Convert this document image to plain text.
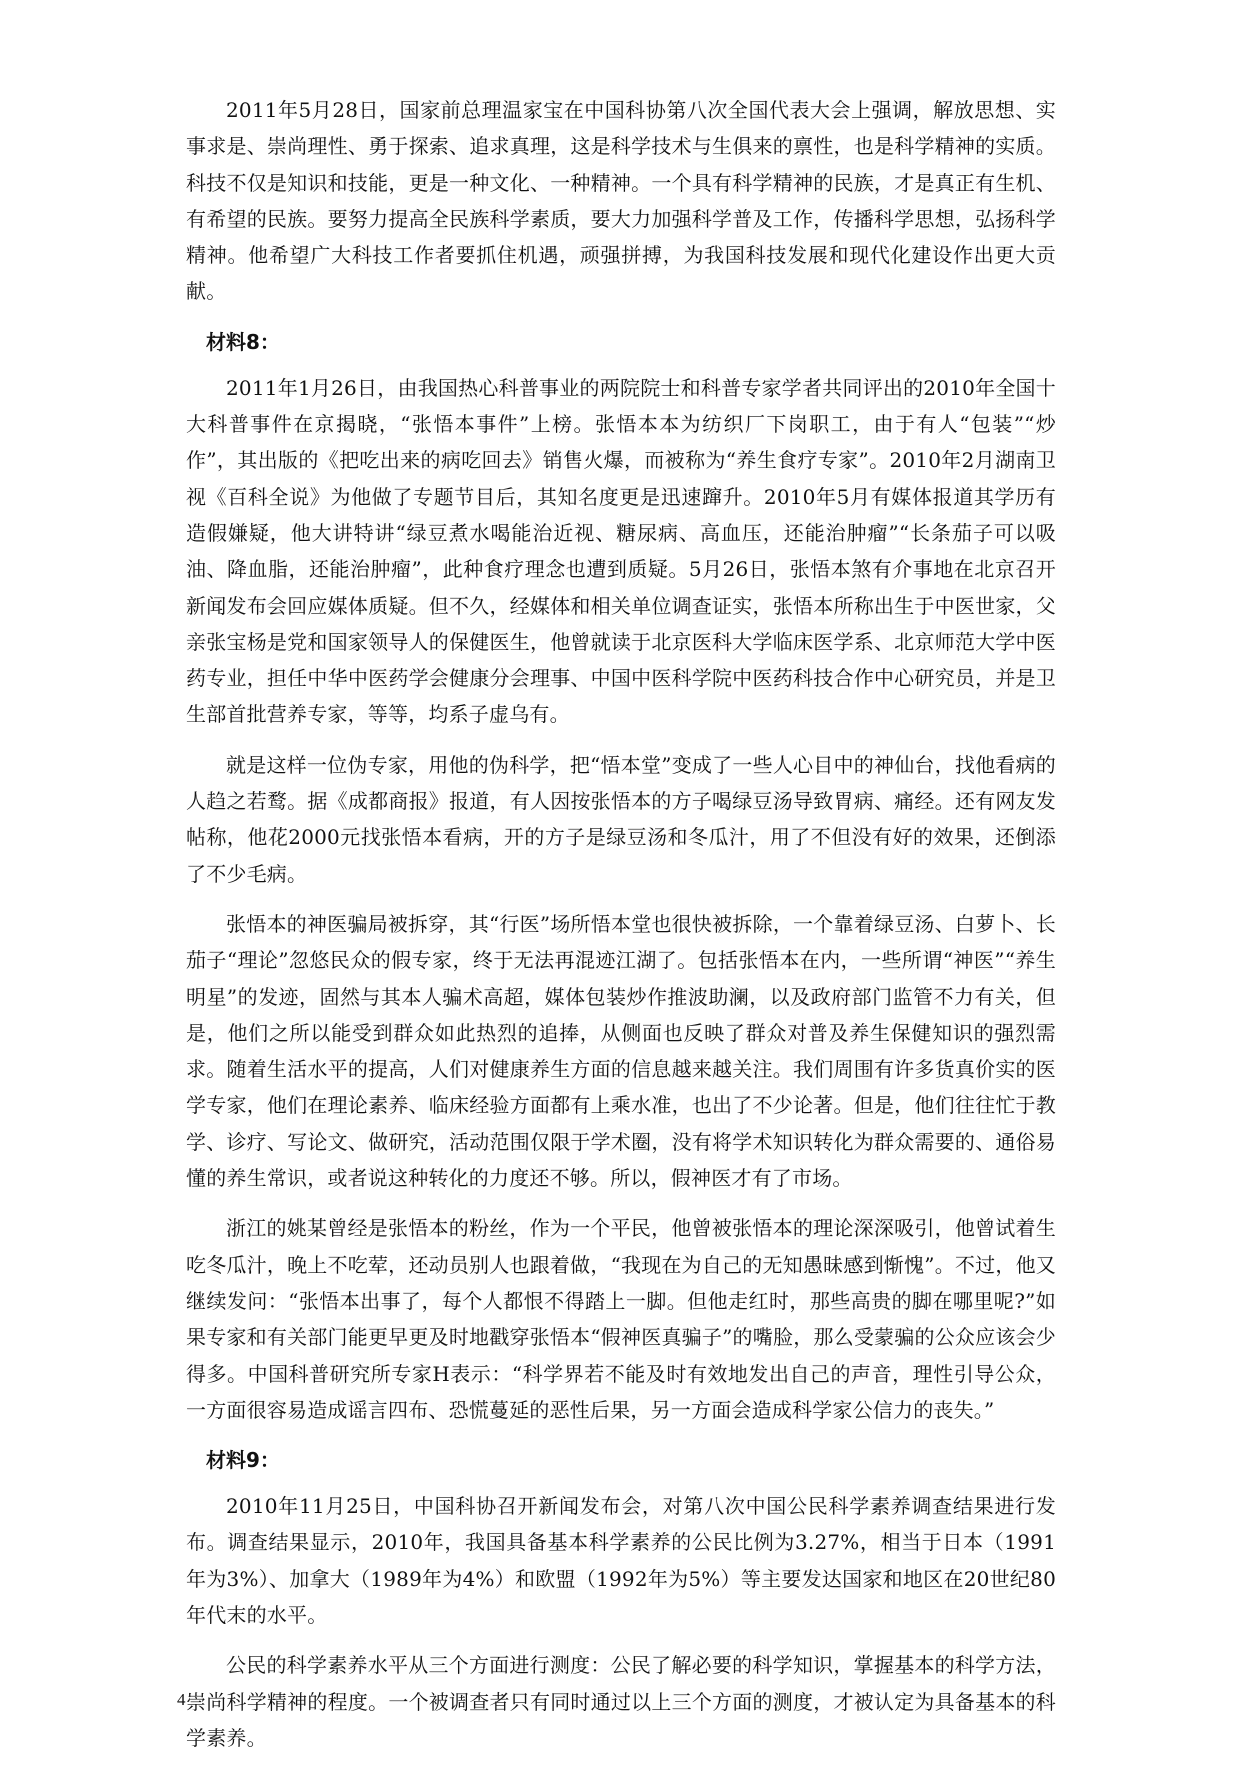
2011年5月28日，国家前总理温家宝在中国科协第八次全国代表大会上强调，解放思想、实事求是、崇尚理性、勇于探索、追求真理，这是科学技术与生俱来的禀性，也是科学精神的实质。科技不仅是知识和技能，更是一种文化、一种精神。一个具有科学精神的民族，才是真正有生机、有希望的民族。要努力提高全民族科学素质，要大力加强科学普及工作，传播科学思想，弘扬科学精神。他希望广大科技工作者要抓住机遇，顽强拼搏，为我国科技发展和现代化建设作出更大贡献。

材料8：

2011年1月26日，由我国热心科普事业的两院院士和科普专家学者共同评出的2010年全国十大科普事件在京揭晓，“张悟本事件”上榜。张悟本本为纺织厂下岗职工，由于有人“包装”“炒作”，其出版的《把吃出来的病吃回去》销售火爆，而被称为“养生食疗专家”。2010年2月湖南卫视《百科全说》为他做了专题节目后，其知名度更是迅速蹿升。2010年5月有媒体报道其学历有造假嫌疑，他大讲特讲“绿豆煮水喝能治近视、糖尿病、高血压，还能治肿瘤”“长条茄子可以吸油、降血脂，还能治肿瘤”，此种食疗理念也遭到质疑。5月26日，张悟本煞有介事地在北京召开新闻发布会回应媒体质疑。但不久，经媒体和相关单位调查证实，张悟本所称出生于中医世家，父亲张宝杨是党和国家领导人的保健医生，他曾就读于北京医科大学临床医学系、北京师范大学中医药专业，担任中华中医药学会健康分会理事、中国中医科学院中医药科技合作中心研究员，并是卫生部首批营养专家，等等，均系子虚乌有。

就是这样一位伪专家，用他的伪科学，把“悟本堂”变成了一些人心目中的神仙台，找他看病的人趋之若鹜。据《成都商报》报道，有人因按张悟本的方子喝绿豆汤导致胃病、痛经。还有网友发帖称，他花2000元找张悟本看病，开的方子是绿豆汤和冬瓜汁，用了不但没有好的效果，还倒添了不少毛病。

张悟本的神医骗局被拆穿，其“行医”场所悟本堂也很快被拆除，一个靠着绿豆汤、白萝卜、长茄子“理论”忽悠民众的假专家，终于无法再混迹江湖了。包括张悟本在内，一些所谓“神医”“养生明星”的发迹，固然与其本人骗术高超，媒体包装炒作推波助澜，以及政府部门监管不力有关，但是，他们之所以能受到群众如此热烈的追捧，从侧面也反映了群众对普及养生保健知识的强烈需求。随着生活水平的提高，人们对健康养生方面的信息越来越关注。我们周围有许多货真价实的医学专家，他们在理论素养、临床经验方面都有上乘水准，也出了不少论著。但是，他们往往忙于教学、诊疗、写论文、做研究，活动范围仅限于学术圈，没有将学术知识转化为群众需要的、通俗易懂的养生常识，或者说这种转化的力度还不够。所以，假神医才有了市场。

浙江的姚某曾经是张悟本的粉丝，作为一个平民，他曾被张悟本的理论深深吸引，他曾试着生吃冬瓜汁，晚上不吃荤，还动员别人也跟着做，“我现在为自己的无知愚昧感到惭愧”。不过，他又继续发问：“张悟本出事了，每个人都恨不得踏上一脚。但他走红时，那些高贵的脚在哪里呢?”如果专家和有关部门能更早更及时地戳穿张悟本“假神医真骗子”的嘴脸，那么受蒙骗的公众应该会少得多。中国科普研究所专家H表示：“科学界若不能及时有效地发出自己的声音，理性引导公众，一方面很容易造成谣言四布、恐慌蔓延的恶性后果，另一方面会造成科学家公信力的丧失。”

材料9：

2010年11月25日，中国科协召开新闻发布会，对第八次中国公民科学素养调查结果进行发布。调查结果显示，2010年，我国具备基本科学素养的公民比例为3.27%，相当于日本（1991年为3%）、加拿大（1989年为4%）和欧盟（1992年为5%）等主要发达国家和地区在20世纪80年代末的水平。

公民的科学素养水平从三个方面进行测度：公民了解必要的科学知识，掌握基本的科学方法，崇尚科学精神的程度。一个被调查者只有同时通过以上三个方面的测度，才被认定为具备基本的科学素养。

4
